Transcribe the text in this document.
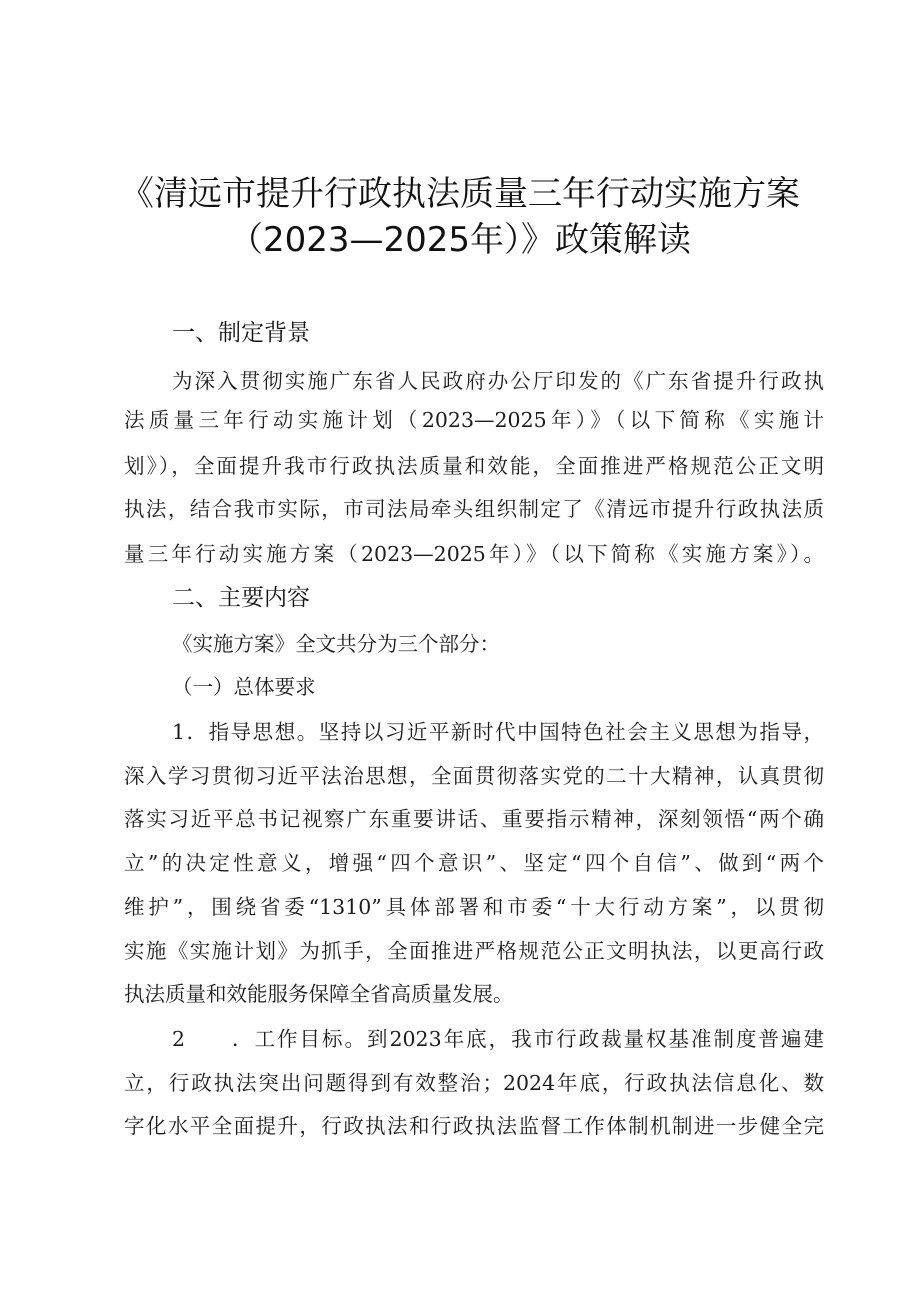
《清远市提升行政执法质量三年行动实施方案
（2023—2025年）》政策解读
一、制定背景
为深入贯彻实施广东省人民政府办公厅印发的《广东省提升行政执
法质量三年行动实施计划（2023—2025年）》（以下简称《实施计
划》），全面提升我市行政执法质量和效能，全面推进严格规范公正文明
执法，结合我市实际，市司法局牵头组织制定了《清远市提升行政执法质
量三年行动实施方案（2023—2025年）》（以下简称《实施方案》）。
二、主要内容
《实施方案》全文共分为三个部分：
（一）总体要求
1．指导思想。坚持以习近平新时代中国特色社会主义思想为指导，
深入学习贯彻习近平法治思想，全面贯彻落实党的二十大精神，认真贯彻
落实习近平总书记视察广东重要讲话、重要指示精神，深刻领悟“两个确
立”的决定性意义，增强“四个意识”、坚定“四个自信”、做到“两个
维护”，围绕省委“1310”具体部署和市委“十大行动方案”，以贯彻
实施《实施计划》为抓手，全面推进严格规范公正文明执法，以更高行政
执法质量和效能服务保障全省高质量发展。
2　　．工作目标。到2023年底，我市行政裁量权基准制度普遍建
立，行政执法突出问题得到有效整治；2024年底，行政执法信息化、数
字化水平全面提升，行政执法和行政执法监督工作体制机制进一步健全完
